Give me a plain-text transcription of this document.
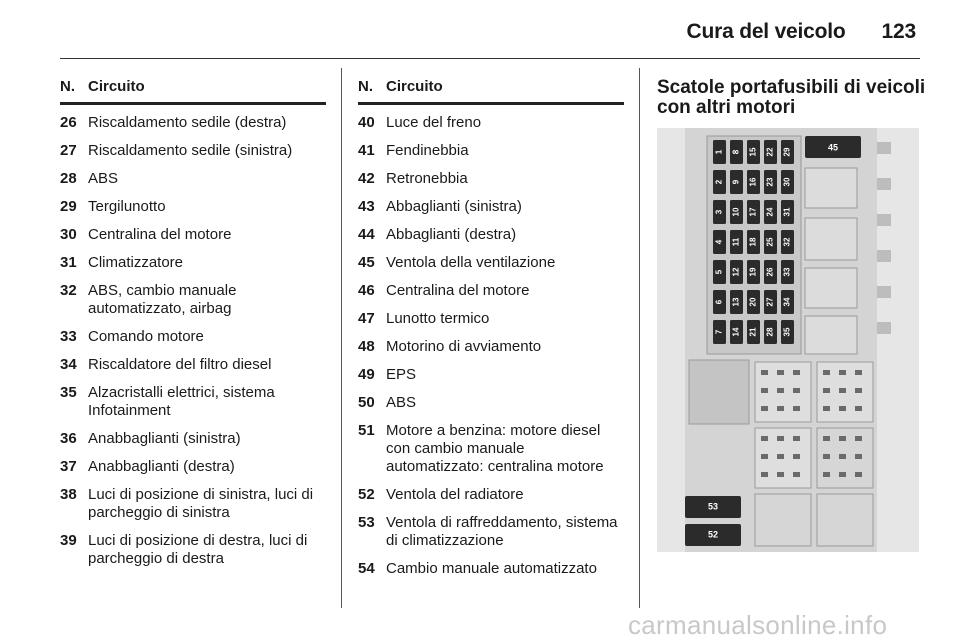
Cura del veicolo 123
N. Circuito
26 Riscaldamento sedile (destra)
27 Riscaldamento sedile (sinistra)
28 ABS
29 Tergilunotto
30 Centralina del motore
31 Climatizzatore
32 ABS, cambio manuale automatizzato, airbag
33 Comando motore
34 Riscaldatore del filtro diesel
35 Alzacristalli elettrici, sistema Infotainment
36 Anabbaglianti (sinistra)
37 Anabbaglianti (destra)
38 Luci di posizione di sinistra, luci di parcheggio di sinistra
39 Luci di posizione di destra, luci di parcheggio di destra
N. Circuito
40 Luce del freno
41 Fendinebbia
42 Retronebbia
43 Abbaglianti (sinistra)
44 Abbaglianti (destra)
45 Ventola della ventilazione
46 Centralina del motore
47 Lunotto termico
48 Motorino di avviamento
49 EPS
50 ABS
51 Motore a benzina: motore diesel con cambio manuale automatizzato: centralina motore
52 Ventola del radiatore
53 Ventola di raffreddamento, sistema di climatizzazione
54 Cambio manuale automatizzato
Scatole portafusibili di veicoli con altri motori
1
2
3
4
5
6
7
8
9
10
11
12
13
14
15
16
17
18
19
20
21
22
23
24
25
26
27
28
29
30
31
32
33
34
35
45
53
52
carmanualsonline.info
